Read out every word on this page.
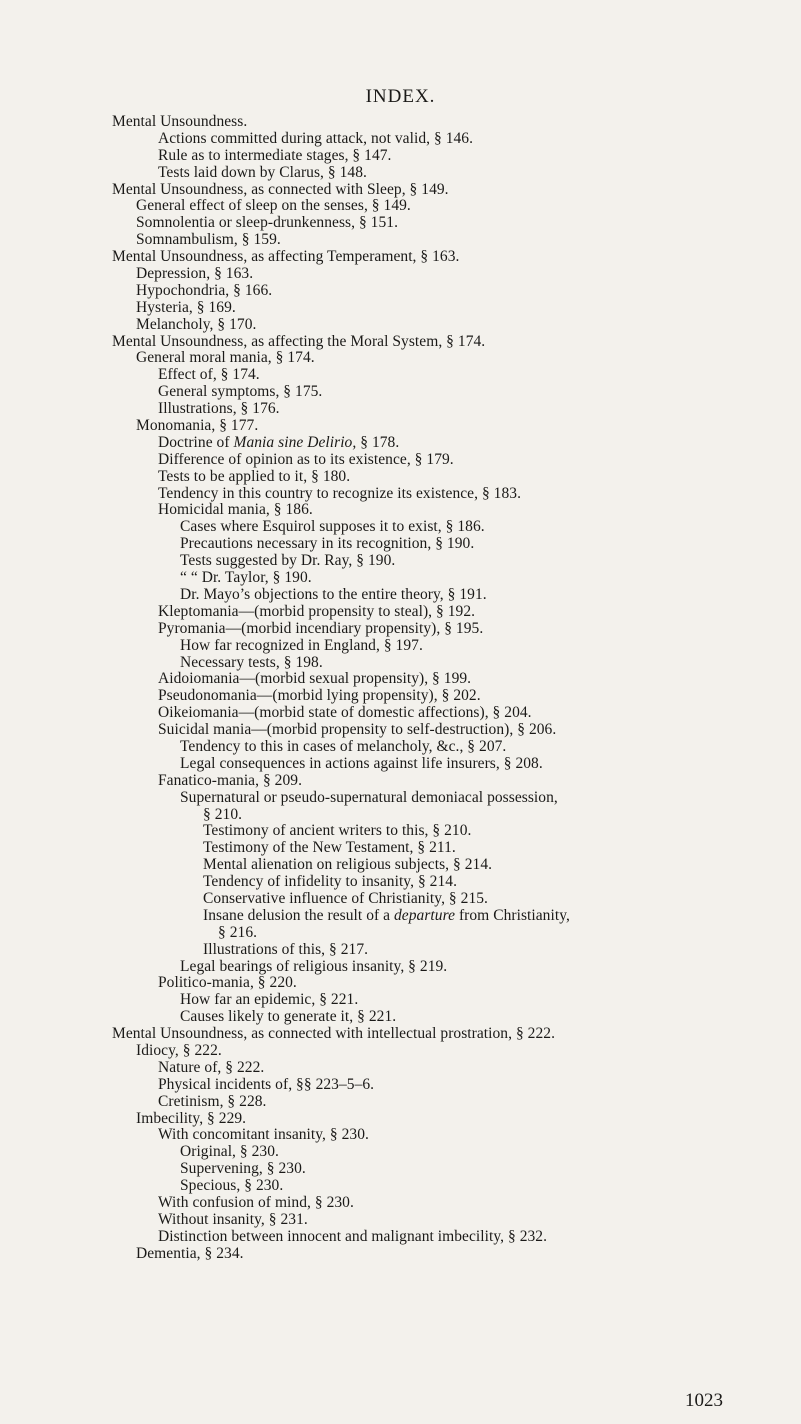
INDEX.
Mental Unsoundness.
Actions committed during attack, not valid, § 146.
Rule as to intermediate stages, § 147.
Tests laid down by Clarus, § 148.
Mental Unsoundness, as connected with Sleep, § 149.
General effect of sleep on the senses, § 149.
Somnolentia or sleep-drunkenness, § 151.
Somnambulism, § 159.
Mental Unsoundness, as affecting Temperament, § 163.
Depression, § 163.
Hypochondria, § 166.
Hysteria, § 169.
Melancholy, § 170.
Mental Unsoundness, as affecting the Moral System, § 174.
General moral mania, § 174.
Effect of, § 174.
General symptoms, § 175.
Illustrations, § 176.
Monomania, § 177.
Doctrine of Mania sine Delirio, § 178.
Difference of opinion as to its existence, § 179.
Tests to be applied to it, § 180.
Tendency in this country to recognize its existence, § 183.
Homicidal mania, § 186.
Cases where Esquirol supposes it to exist, § 186.
Precautions necessary in its recognition, § 190.
Tests suggested by Dr. Ray, § 190.
“ “ Dr. Taylor, § 190.
Dr. Mayo’s objections to the entire theory, § 191.
Kleptomania—(morbid propensity to steal), § 192.
Pyromania—(morbid incendiary propensity), § 195.
How far recognized in England, § 197.
Necessary tests, § 198.
Aidoiomania—(morbid sexual propensity), § 199.
Pseudonomania—(morbid lying propensity), § 202.
Oikeiomania—(morbid state of domestic affections), § 204.
Suicidal mania—(morbid propensity to self-destruction), § 206.
Tendency to this in cases of melancholy, &c., § 207.
Legal consequences in actions against life insurers, § 208.
Fanatico-mania, § 209.
Supernatural or pseudo-supernatural demoniacal possession,
§ 210.
Testimony of ancient writers to this, § 210.
Testimony of the New Testament, § 211.
Mental alienation on religious subjects, § 214.
Tendency of infidelity to insanity, § 214.
Conservative influence of Christianity, § 215.
Insane delusion the result of a departure from Christianity,
§ 216.
Illustrations of this, § 217.
Legal bearings of religious insanity, § 219.
Politico-mania, § 220.
How far an epidemic, § 221.
Causes likely to generate it, § 221.
Mental Unsoundness, as connected with intellectual prostration, § 222.
Idiocy, § 222.
Nature of, § 222.
Physical incidents of, §§ 223–5–6.
Cretinism, § 228.
Imbecility, § 229.
With concomitant insanity, § 230.
Original, § 230.
Supervening, § 230.
Specious, § 230.
With confusion of mind, § 230.
Without insanity, § 231.
Distinction between innocent and malignant imbecility, § 232.
Dementia, § 234.
1023
